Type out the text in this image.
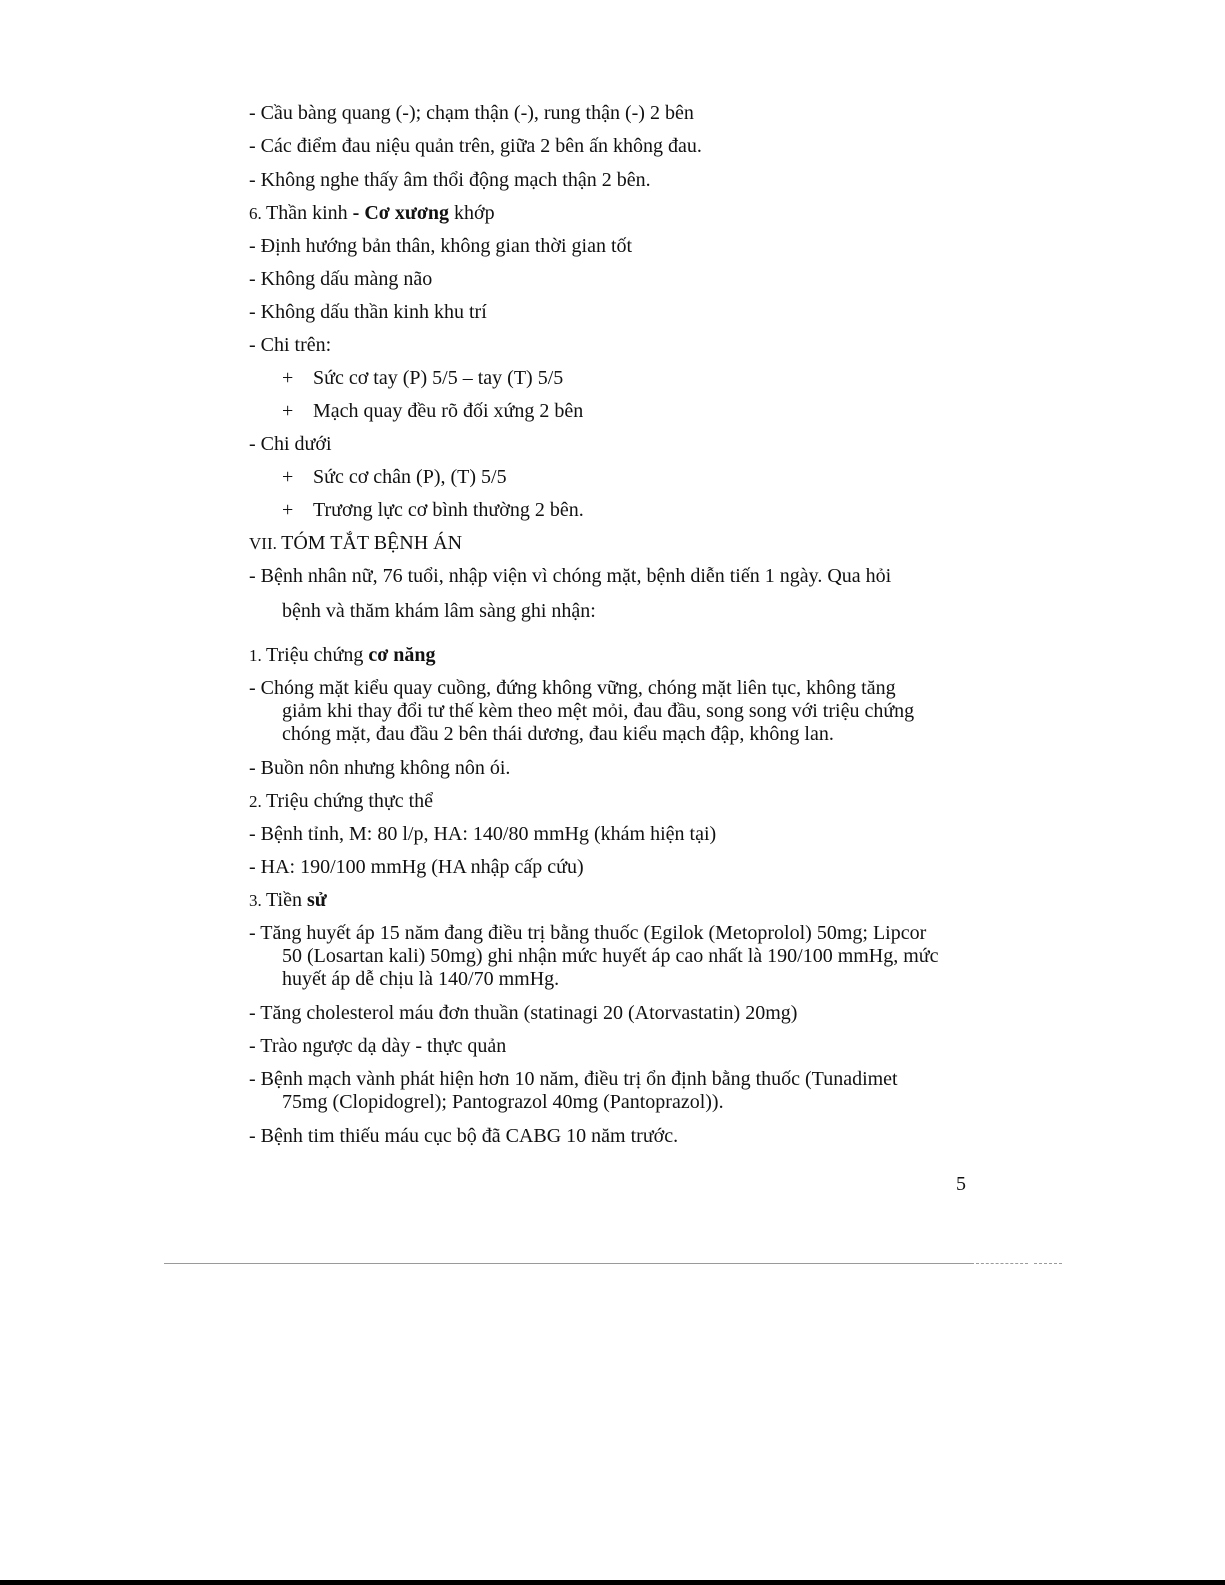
- Cầu bàng quang (-); chạm thận (-), rung thận (-) 2 bên
- Các điểm đau niệu quản trên, giữa 2 bên ấn không đau.
- Không nghe thấy âm thổi động mạch thận 2 bên.
6. Thần kinh - Cơ xương khớp
- Định hướng bản thân, không gian thời gian tốt
- Không dấu màng não
- Không dấu thần kinh khu trí
- Chi trên:
+ Sức cơ tay (P) 5/5 – tay (T) 5/5
+ Mạch quay đều rõ đối xứng 2 bên
- Chi dưới
+ Sức cơ chân (P), (T) 5/5
+ Trương lực cơ bình thường 2 bên.
VII. TÓM TẮT BỆNH ÁN
- Bệnh nhân nữ, 76 tuổi, nhập viện vì chóng mặt, bệnh diễn tiến 1 ngày. Qua hỏi
bệnh và thăm khám lâm sàng ghi nhận:
1. Triệu chứng cơ năng
- Chóng mặt kiểu quay cuồng, đứng không vững, chóng mặt liên tục, không tăng
giảm khi thay đổi tư thế kèm theo mệt mỏi, đau đầu, song song với triệu chứng
chóng mặt, đau đầu 2 bên thái dương, đau kiểu mạch đập, không lan.
- Buồn nôn nhưng không nôn ói.
2. Triệu chứng thực thể
- Bệnh tỉnh, M: 80 l/p, HA: 140/80 mmHg (khám hiện tại)
- HA: 190/100 mmHg (HA nhập cấp cứu)
3. Tiền sử
- Tăng huyết áp 15 năm đang điều trị bằng thuốc (Egilok (Metoprolol) 50mg; Lipcor
50 (Losartan kali) 50mg) ghi nhận mức huyết áp cao nhất là 190/100 mmHg, mức
huyết áp dễ chịu là 140/70 mmHg.
- Tăng cholesterol máu đơn thuần (statinagi 20 (Atorvastatin) 20mg)
- Trào ngược dạ dày - thực quản
- Bệnh mạch vành phát hiện hơn 10 năm, điều trị ổn định bằng thuốc (Tunadimet
75mg (Clopidogrel); Pantograzol 40mg (Pantoprazol)).
- Bệnh tim thiếu máu cục bộ đã CABG 10 năm trước.
5
